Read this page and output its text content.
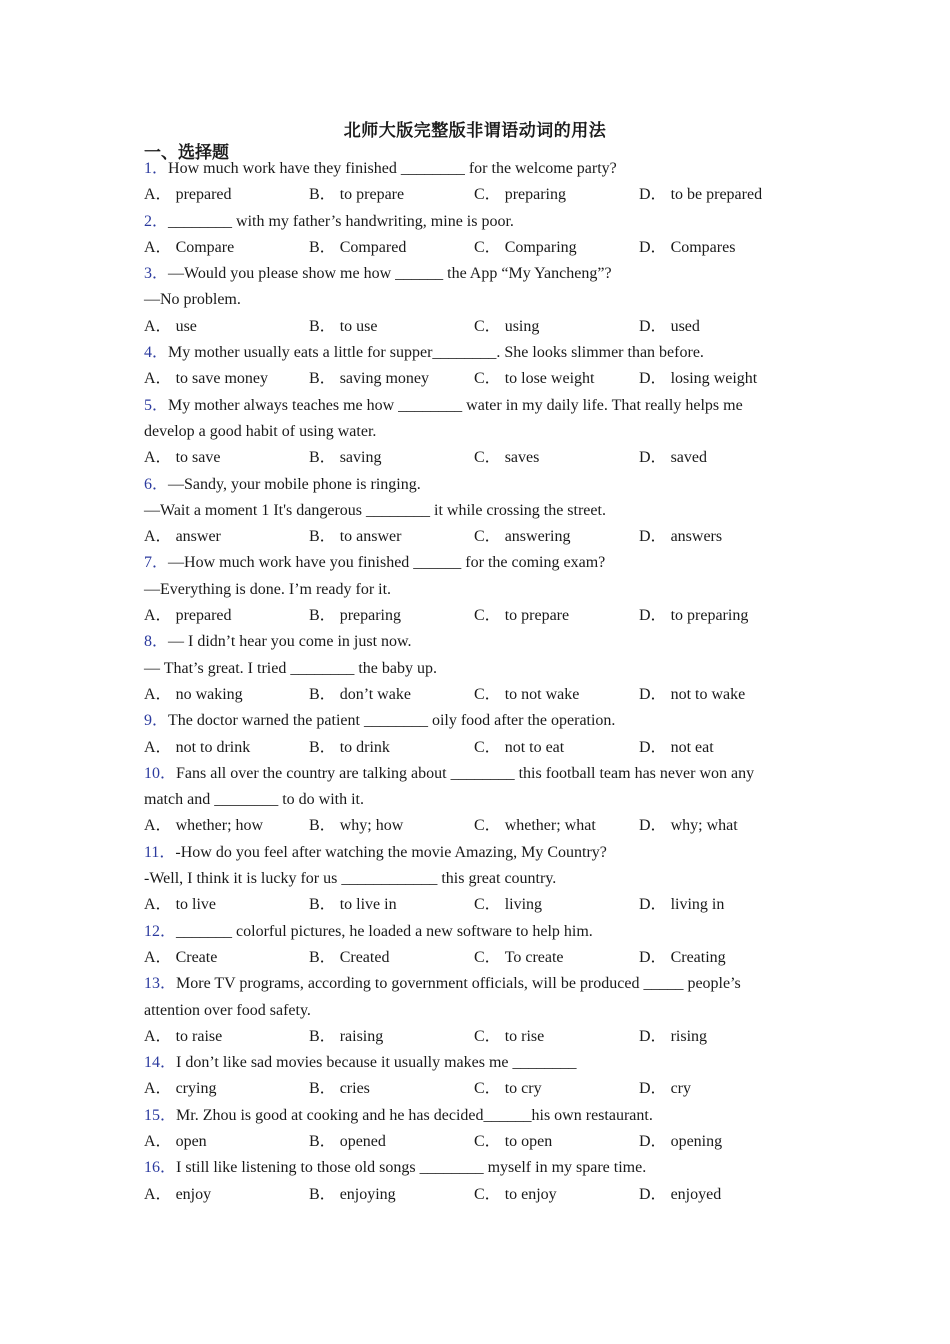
北师大版完整版非谓语动词的用法
一、选择题
1．How much work have they finished ________ for the welcome party?
A． prepared	B． to prepare	C． preparing	D． to be prepared
2．________ with my father’s handwriting, mine is poor.
A． Compare	B． Compared	C． Comparing	D． Compares
3．—Would you please show me how ______ the App “My Yancheng”?
—No problem.
A． use	B． to use	C． using	D． used
4．My mother usually eats a little for supper________. She looks slimmer than before.
A． to save money	B． saving money	C． to lose weight	D． losing weight
5．My mother always teaches me how ________ water in my daily life. That really helps me
develop a good habit of using water.
A． to save	B． saving	C． saves	D． saved
6．—Sandy, your mobile phone is ringing.
—Wait a moment 1 It's dangerous ________ it while crossing the street.
A． answer	B． to answer	C． answering	D． answers
7．—How much work have you finished ______ for the coming exam?
—Everything is done. I’m ready for it.
A． prepared	B． preparing	C． to prepare	D． to preparing
8．— I didn’t hear you come in just now.
— That’s great. I tried ________ the baby up.
A． no waking	B． don’t wake	C． to not wake	D． not to wake
9．The doctor warned the patient ________ oily food after the operation.
A． not to drink	B． to drink	C． not to eat	D． not eat
10．Fans all over the country are talking about ________ this football team has never won any
match and ________ to do with it.
A． whether; how	B． why; how	C． whether; what	D． why; what
11．-How do you feel after watching the movie Amazing, My Country?
-Well, I think it is lucky for us ____________ this great country.
A． to live	B． to live in	C． living	D． living in
12．_______ colorful pictures, he loaded a new software to help him.
A． Create	B． Created	C． To create	D． Creating
13．More TV programs, according to government officials, will be produced _____ people’s
attention over food safety.
A． to raise	B． raising	C． to rise	D． rising
14．I don’t like sad movies because it usually makes me ________
A． crying	B． cries	C． to cry	D． cry
15．Mr. Zhou is good at cooking and he has decided______his own restaurant.
A． open	B． opened	C． to open	D． opening
16．I still like listening to those old songs ________ myself in my spare time.
A． enjoy	B． enjoying	C． to enjoy	D． enjoyed
